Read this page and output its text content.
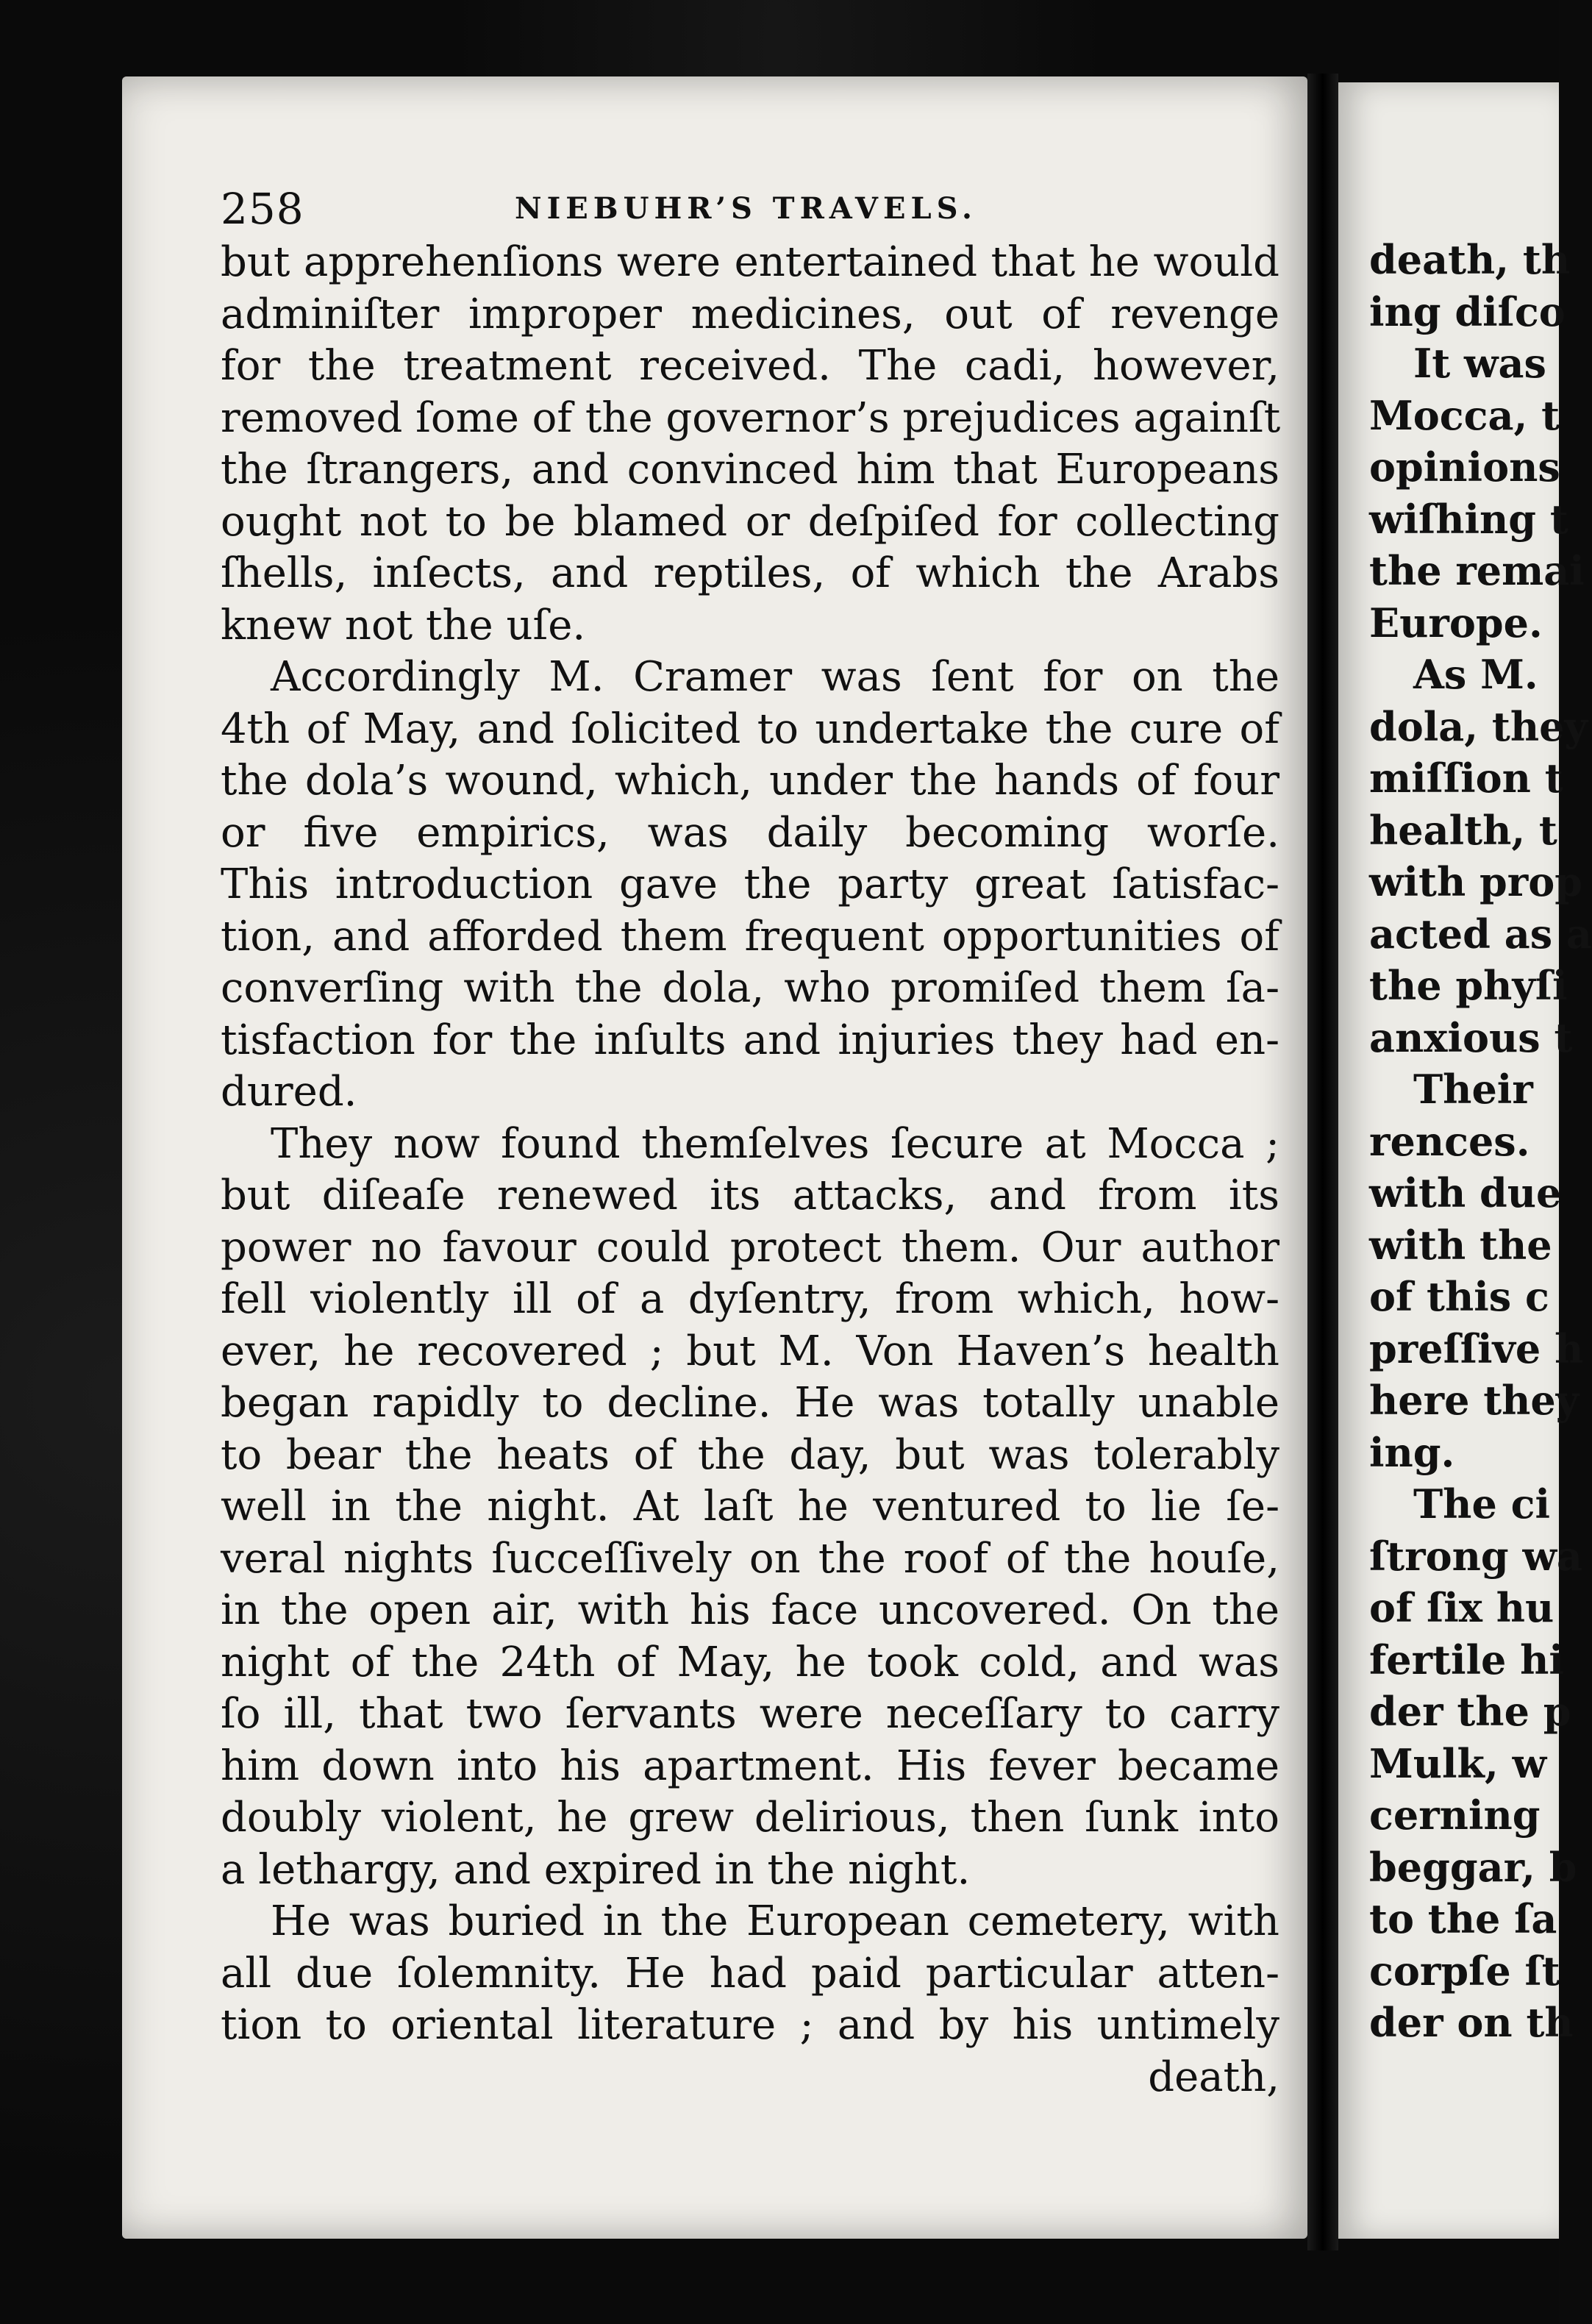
258	NIEBUHR’S TRAVELS.
but apprehenſions were entertained that he would
adminiſter improper medicines, out of revenge
for the treatment received. The cadi, however,
removed ſome of the governor’s prejudices againſt
the ſtrangers, and convinced him that Europeans
ought not to be blamed or deſpiſed for collecting
ſhells, inſects, and reptiles, of which the Arabs
knew not the uſe.
Accordingly M. Cramer was ſent for on the
4th of May, and ſolicited to undertake the cure of
the dola’s wound, which, under the hands of four
or five empirics, was daily becoming worſe.
This introduction gave the party great ſatisfac-
tion, and afforded them frequent opportunities of
converſing with the dola, who promiſed them ſa-
tisfaction for the inſults and injuries they had en-
dured.
They now found themſelves ſecure at Mocca ;
but diſeaſe renewed its attacks, and from its
power no favour could protect them. Our author
fell violently ill of a dyſentry, from which, how-
ever, he recovered ; but M. Von Haven’s health
began rapidly to decline. He was totally unable
to bear the heats of the day, but was tolerably
well in the night. At laſt he ventured to lie ſe-
veral nights ſucceſſively on the roof of the houſe,
in the open air, with his face uncovered. On the
night of the 24th of May, he took cold, and was
ſo ill, that two ſervants were neceſſary to carry
him down into his apartment. His fever became
doubly violent, he grew delirious, then ſunk into
a lethargy, and expired in the night.
He was buried in the European cemetery, with
all due ſolemnity. He had paid particular atten-
tion to oriental literature ; and by his untimely
death,
death, th
ing diſco
It was
Mocca, t
opinions
wiſhing t
the remai
Europe.
As M.
dola, they
miſſion t
health, t
with prop
acted as a
the phyſi
anxious t
Their
rences.
with due
with the
of this c
preſſive h
here they
ing.
The ci
ſtrong wa
of ſix hu
fertile hi
der the p
Mulk, w
cerning
beggar, b
to the ſa
corpſe ſt
der on th
